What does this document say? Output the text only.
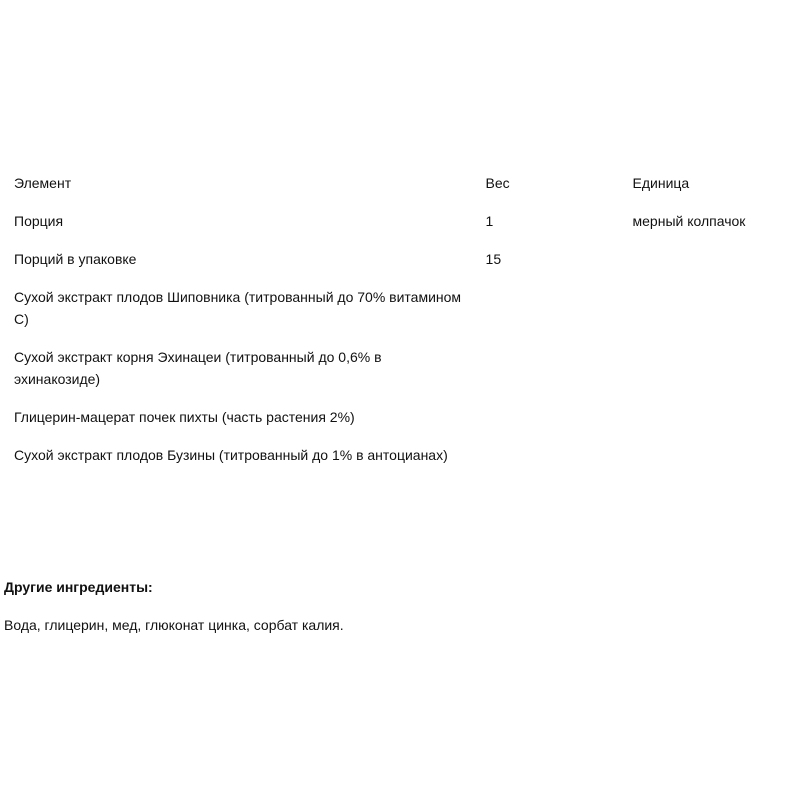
Элемент	Вес	Единица
Порция	1	мерный колпачок
Порций в упаковке	15	
Сухой экстракт плодов Шиповника (титрованный до 70% витамином С)		
Сухой экстракт корня Эхинацеи (титрованный до 0,6% в эхинакозиде)		
Глицерин-мацерат почек пихты (часть растения 2%)		
Сухой экстракт плодов Бузины (титрованный до 1% в антоцианах)		
Другие ингредиенты:
Вода, глицерин, мед, глюконат цинка, сорбат калия.
